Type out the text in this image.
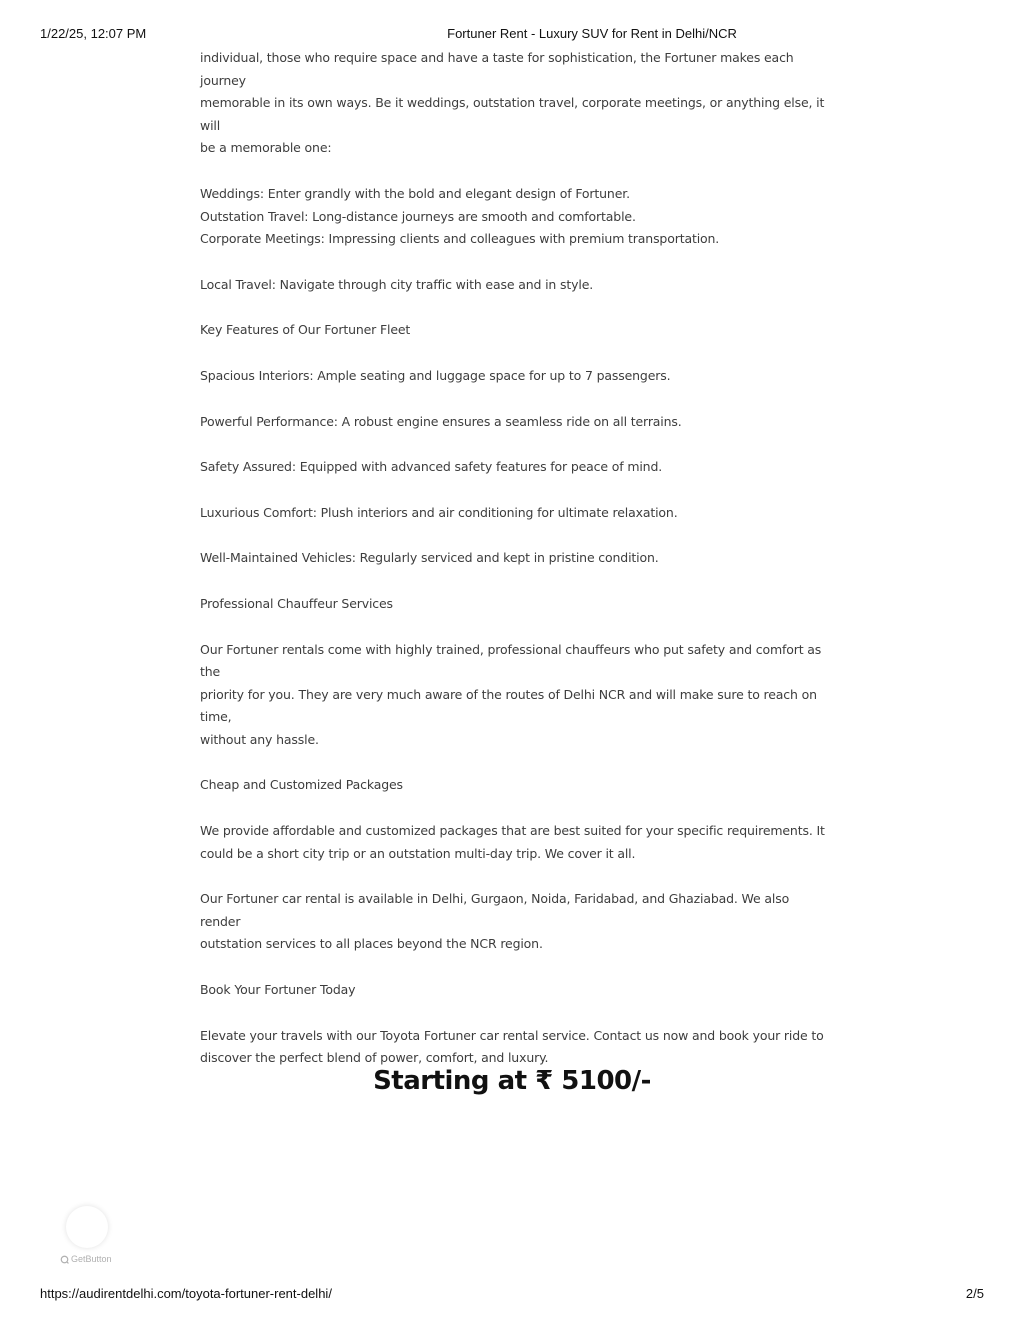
1/22/25, 12:07 PM	Fortuner Rent - Luxury SUV for Rent in Delhi/NCR

individual, those who require space and have a taste for sophistication, the Fortuner makes each journey

memorable in its own ways. Be it weddings, outstation travel, corporate meetings, or anything else, it will

be a memorable one:

Weddings: Enter grandly with the bold and elegant design of Fortuner.

Outstation Travel: Long-distance journeys are smooth and comfortable.

Corporate Meetings: Impressing clients and colleagues with premium transportation.

Local Travel: Navigate through city traffic with ease and in style.

Key Features of Our Fortuner Fleet

Spacious Interiors: Ample seating and luggage space for up to 7 passengers.

Powerful Performance: A robust engine ensures a seamless ride on all terrains.

Safety Assured: Equipped with advanced safety features for peace of mind.

Luxurious Comfort: Plush interiors and air conditioning for ultimate relaxation.

Well-Maintained Vehicles: Regularly serviced and kept in pristine condition.

Professional Chauffeur Services

Our Fortuner rentals come with highly trained, professional chauffeurs who put safety and comfort as the

priority for you. They are very much aware of the routes of Delhi NCR and will make sure to reach on time,

without any hassle.

Cheap and Customized Packages

We provide affordable and customized packages that are best suited for your specific requirements. It

could be a short city trip or an outstation multi-day trip. We cover it all.

Our Fortuner car rental is available in Delhi, Gurgaon, Noida, Faridabad, and Ghaziabad. We also render

outstation services to all places beyond the NCR region.

Book Your Fortuner Today

Elevate your travels with our Toyota Fortuner car rental service. Contact us now and book your ride to

discover the perfect blend of power, comfort, and luxury.

Starting at ₹ 5100/-
GetButton
https://audirentdelhi.com/toyota-fortuner-rent-delhi/	2/5
